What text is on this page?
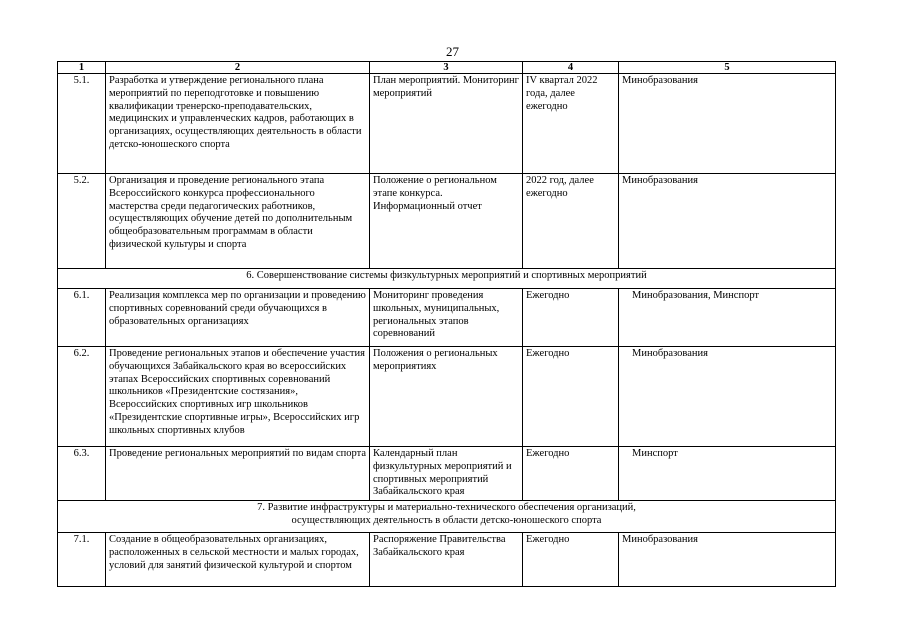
27
1	2	3	4	5
5.1.	Разработка и утверждение регионального плана мероприятий по переподготовке и повышению квалификации тренерско-преподавательских, медицинских и управленческих кадров, работающих в организациях, осуществляющих деятельность в области детско-юношеского спорта	План мероприятий. Мониторинг мероприятий	IV квартал 2022 года, далее ежегодно	Минобразования
5.2.	Организация и проведение регионального этапа Всероссийского конкурса профессионального мастерства среди педагогических работников, осуществляющих обучение детей по дополнительным общеобразовательным программам в области физической культуры и спорта	Положение о региональном этапе конкурса. Информационный отчет	2022 год, далее ежегодно	Минобразования
6. Совершенствование системы физкультурных мероприятий и спортивных мероприятий				
6.1.	Реализация комплекса мер по организации и проведению спортивных соревнований среди обучающихся в образовательных организациях	Мониторинг проведения школьных, муниципальных, региональных этапов соревнований	Ежегодно	Минобразования, Минспорт
6.2.	Проведение региональных этапов и обеспечение участия обучающихся Забайкальского края во всероссийских этапах Всероссийских спортивных соревнований школьников «Президентские состязания», Всероссийских спортивных игр школьников «Президентские спортивные игры», Всероссийских игр школьных спортивных клубов	Положения о региональных мероприятиях	Ежегодно	Минобразования
6.3.	Проведение региональных мероприятий по видам спорта	Календарный план физкультурных мероприятий и спортивных мероприятий Забайкальского края	Ежегодно	Минспорт

7. Развитие инфраструктуры и материально-технического обеспечения организаций,
осуществляющих деятельность в области детско-юношеского спорта				

7.1.	Создание в общеобразовательных организациях, расположенных в сельской местности и малых городах, условий для занятий физической культурой и спортом	Распоряжение Правительства Забайкальского края	Ежегодно	Минобразования
